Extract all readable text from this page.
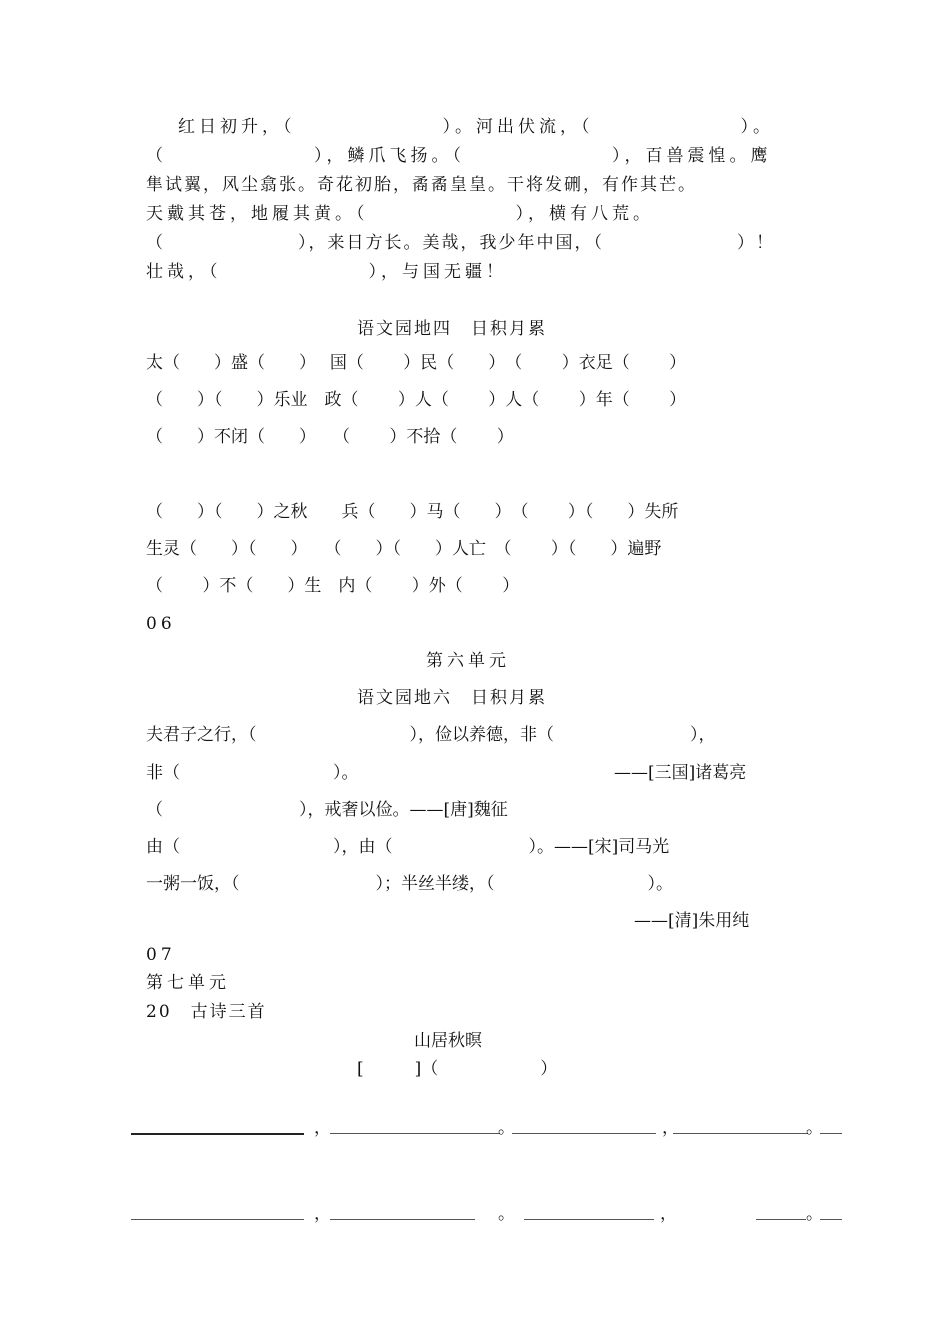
红日初升，（　　　　　　　）。河出伏流，（　　　　　　　）。
（　　　　　　　），鳞爪飞扬。（　　　　　　　），百兽震惶。鹰
隼试翼，风尘翕张。奇花初胎，矞矞皇皇。干将发硎，有作其芒。
天戴其苍，地履其黄。（　　　　　　　），横有八荒。
（　　　　　　　），来日方长。美哉，我少年中国，（　　　　　　　）！
壮哉，（　　　　　　　），与国无疆！
语文园地四　日积月累
太（　　）盛（　　）　 国（　　 ）民（　　）　（　　 ）衣足（　　 ）
（　　）（　　）乐业　政（　　 ）人（　　 ）人（　　 ）年（　　 ）
（　　）不闭（　　）　　（　　 ）不拾（　　 ）
（　　）（　　）之秋　　兵（　　）马（　　）　（　　 ）（　　）失所
生灵（　　）（　　）　　（　　）（　　）人亡　（　　 ）（　　）遍野
（　　 ）不（　　）生　内（　　 ）外（　　 ）
06
第六单元
语文园地六　日积月累
夫君子之行，（　　　　　　　　　），俭以养德，非（　　　　　　　　），
非（　　　　　　　　　）。	——[三国]诸葛亮
（　　　　　　　　），戒奢以俭。——[唐]魏征
由（　　　　　　　　　），由（　　　　　　　　）。——[宋]司马光
一粥一饭，（　　　　　　　　）；半丝半缕，（　　　　　　　　　）。
——[清]朱用纯
07
第七单元
20　古诗三首
山居秋暝
[　　　]（　　　　　　）
，	。	，	。
，	。	，	。
